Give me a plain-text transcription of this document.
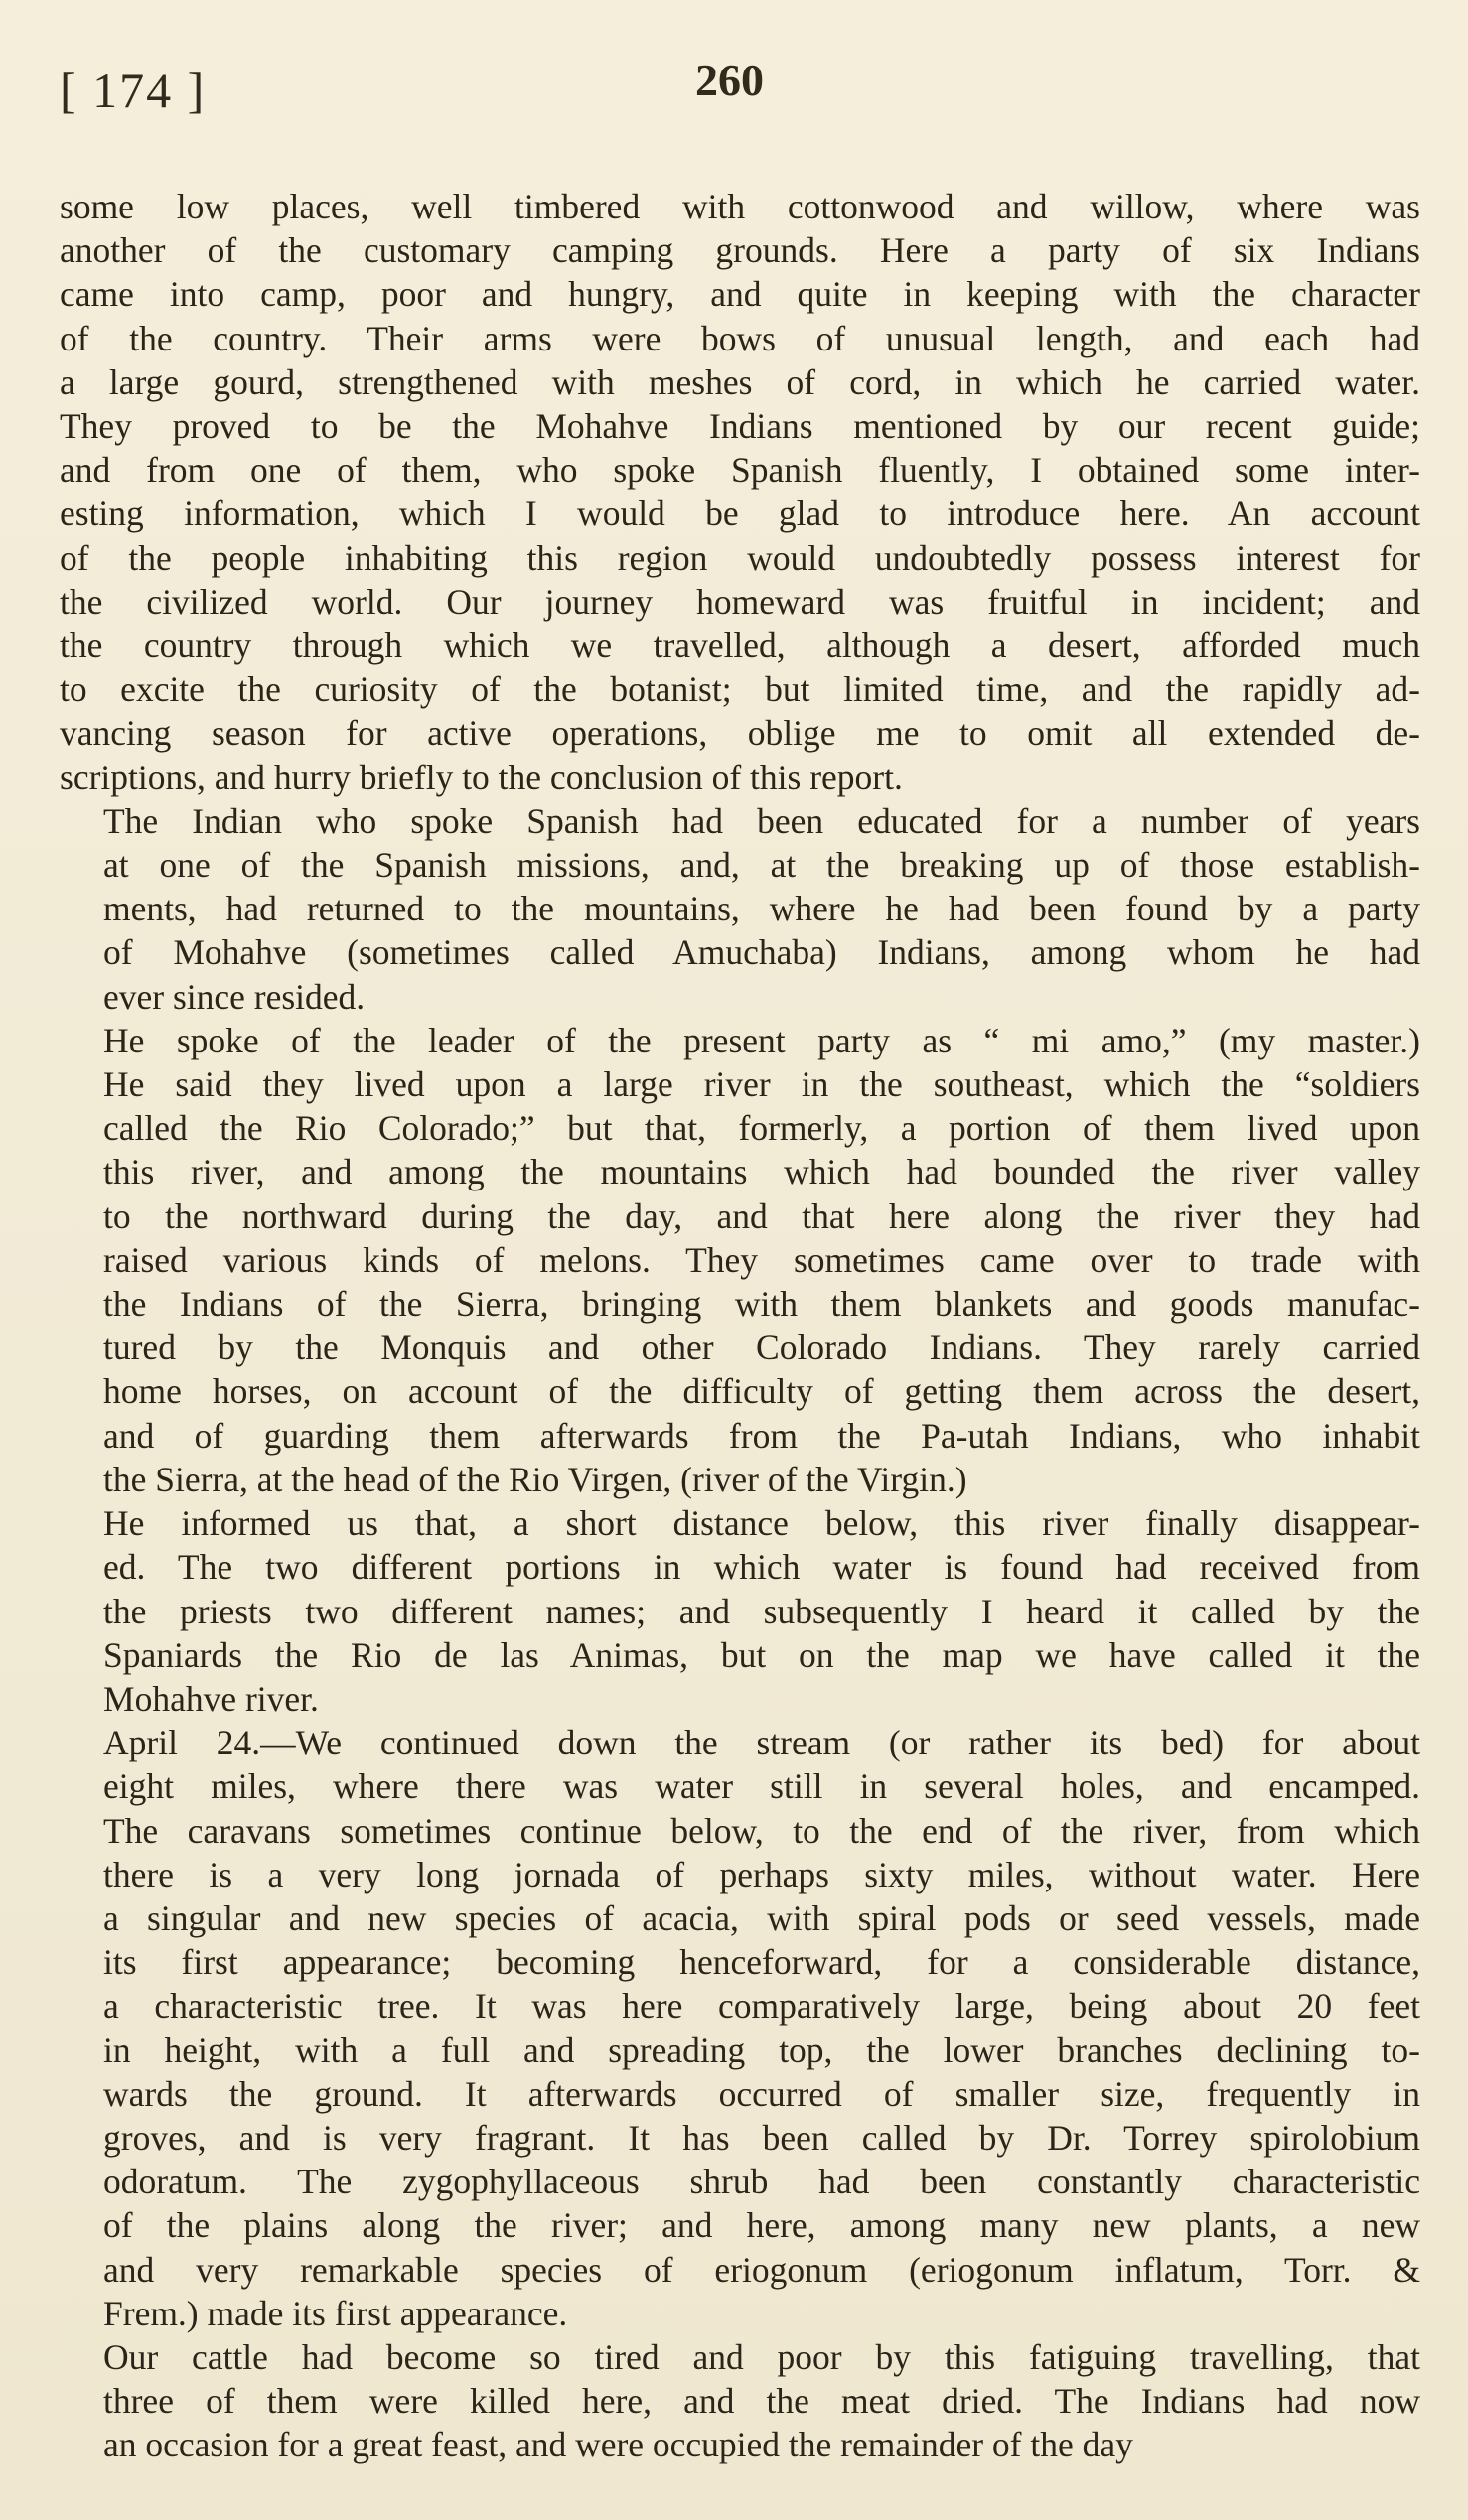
[ 174 ]	260

some low places, well timbered with cottonwood and willow, where was
another of the customary camping grounds. Here a party of six Indians
came into camp, poor and hungry, and quite in keeping with the character
of the country. Their arms were bows of unusual length, and each had
a large gourd, strengthened with meshes of cord, in which he carried water.
They proved to be the Mohahve Indians mentioned by our recent guide;
and from one of them, who spoke Spanish fluently, I obtained some inter-
esting information, which I would be glad to introduce here. An account
of the people inhabiting this region would undoubtedly possess interest for
the civilized world. Our journey homeward was fruitful in incident; and
the country through which we travelled, although a desert, afforded much
to excite the curiosity of the botanist; but limited time, and the rapidly ad-
vancing season for active operations, oblige me to omit all extended de-
scriptions, and hurry briefly to the conclusion of this report.

The Indian who spoke Spanish had been educated for a number of years
at one of the Spanish missions, and, at the breaking up of those establish-
ments, had returned to the mountains, where he had been found by a party
of Mohahve (sometimes called Amuchaba) Indians, among whom he had
ever since resided.

He spoke of the leader of the present party as “ mi amo,” (my master.)
He said they lived upon a large river in the southeast, which the “soldiers
called the Rio Colorado;” but that, formerly, a portion of them lived upon
this river, and among the mountains which had bounded the river valley
to the northward during the day, and that here along the river they had
raised various kinds of melons. They sometimes came over to trade with
the Indians of the Sierra, bringing with them blankets and goods manufac-
tured by the Monquis and other Colorado Indians. They rarely carried
home horses, on account of the difficulty of getting them across the desert,
and of guarding them afterwards from the Pa-utah Indians, who inhabit
the Sierra, at the head of the Rio Virgen, (river of the Virgin.)

He informed us that, a short distance below, this river finally disappear-
ed. The two different portions in which water is found had received from
the priests two different names; and subsequently I heard it called by the
Spaniards the Rio de las Animas, but on the map we have called it the
Mohahve river.

April 24.—We continued down the stream (or rather its bed) for about
eight miles, where there was water still in several holes, and encamped.
The caravans sometimes continue below, to the end of the river, from which
there is a very long jornada of perhaps sixty miles, without water. Here
a singular and new species of acacia, with spiral pods or seed vessels, made
its first appearance; becoming henceforward, for a considerable distance,
a characteristic tree. It was here comparatively large, being about 20 feet
in height, with a full and spreading top, the lower branches declining to-
wards the ground. It afterwards occurred of smaller size, frequently in
groves, and is very fragrant. It has been called by Dr. Torrey spirolobium
odoratum. The zygophyllaceous shrub had been constantly characteristic
of the plains along the river; and here, among many new plants, a new
and very remarkable species of eriogonum (eriogonum inflatum, Torr. &
Frem.) made its first appearance.

Our cattle had become so tired and poor by this fatiguing travelling, that
three of them were killed here, and the meat dried. The Indians had now
an occasion for a great feast, and were occupied the remainder of the day
